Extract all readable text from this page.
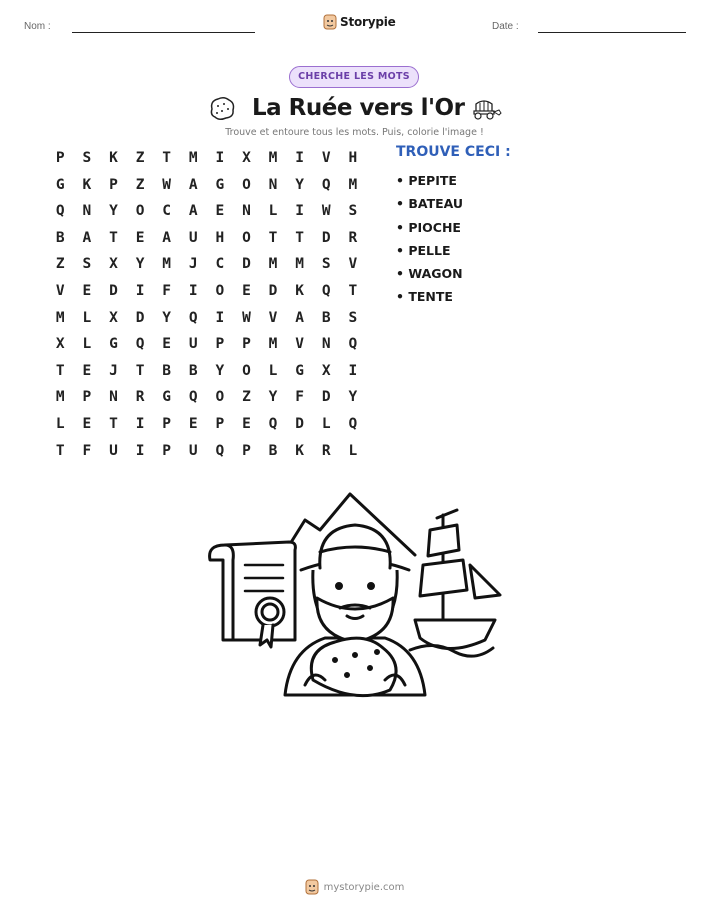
Nom :	Storypie	Date :
CHERCHE LES MOTS
La Ruée vers l'Or
Trouve et entoure tous les mots. Puis, colorie l'image !
P	S	K	Z	T	M	I	X	M	I	V	H
G	K	P	Z	W	A	G	O	N	Y	Q	M
Q	N	Y	O	C	A	E	N	L	I	W	S
B	A	T	E	A	U	H	O	T	T	D	R
Z	S	X	Y	M	J	C	D	M	M	S	V
V	E	D	I	F	I	O	E	D	K	Q	T
M	L	X	D	Y	Q	I	W	V	A	B	S
X	L	G	Q	E	U	P	P	M	V	N	Q
T	E	J	T	B	B	Y	O	L	G	X	I
M	P	N	R	G	Q	O	Z	Y	F	D	Y
L	E	T	I	P	E	P	E	Q	D	L	Q
T	F	U	I	P	U	Q	P	B	K	R	L
TROUVE CECI :
• PEPITE
• BATEAU
• PIOCHE
• PELLE
• WAGON
• TENTE
mystorypie.com
